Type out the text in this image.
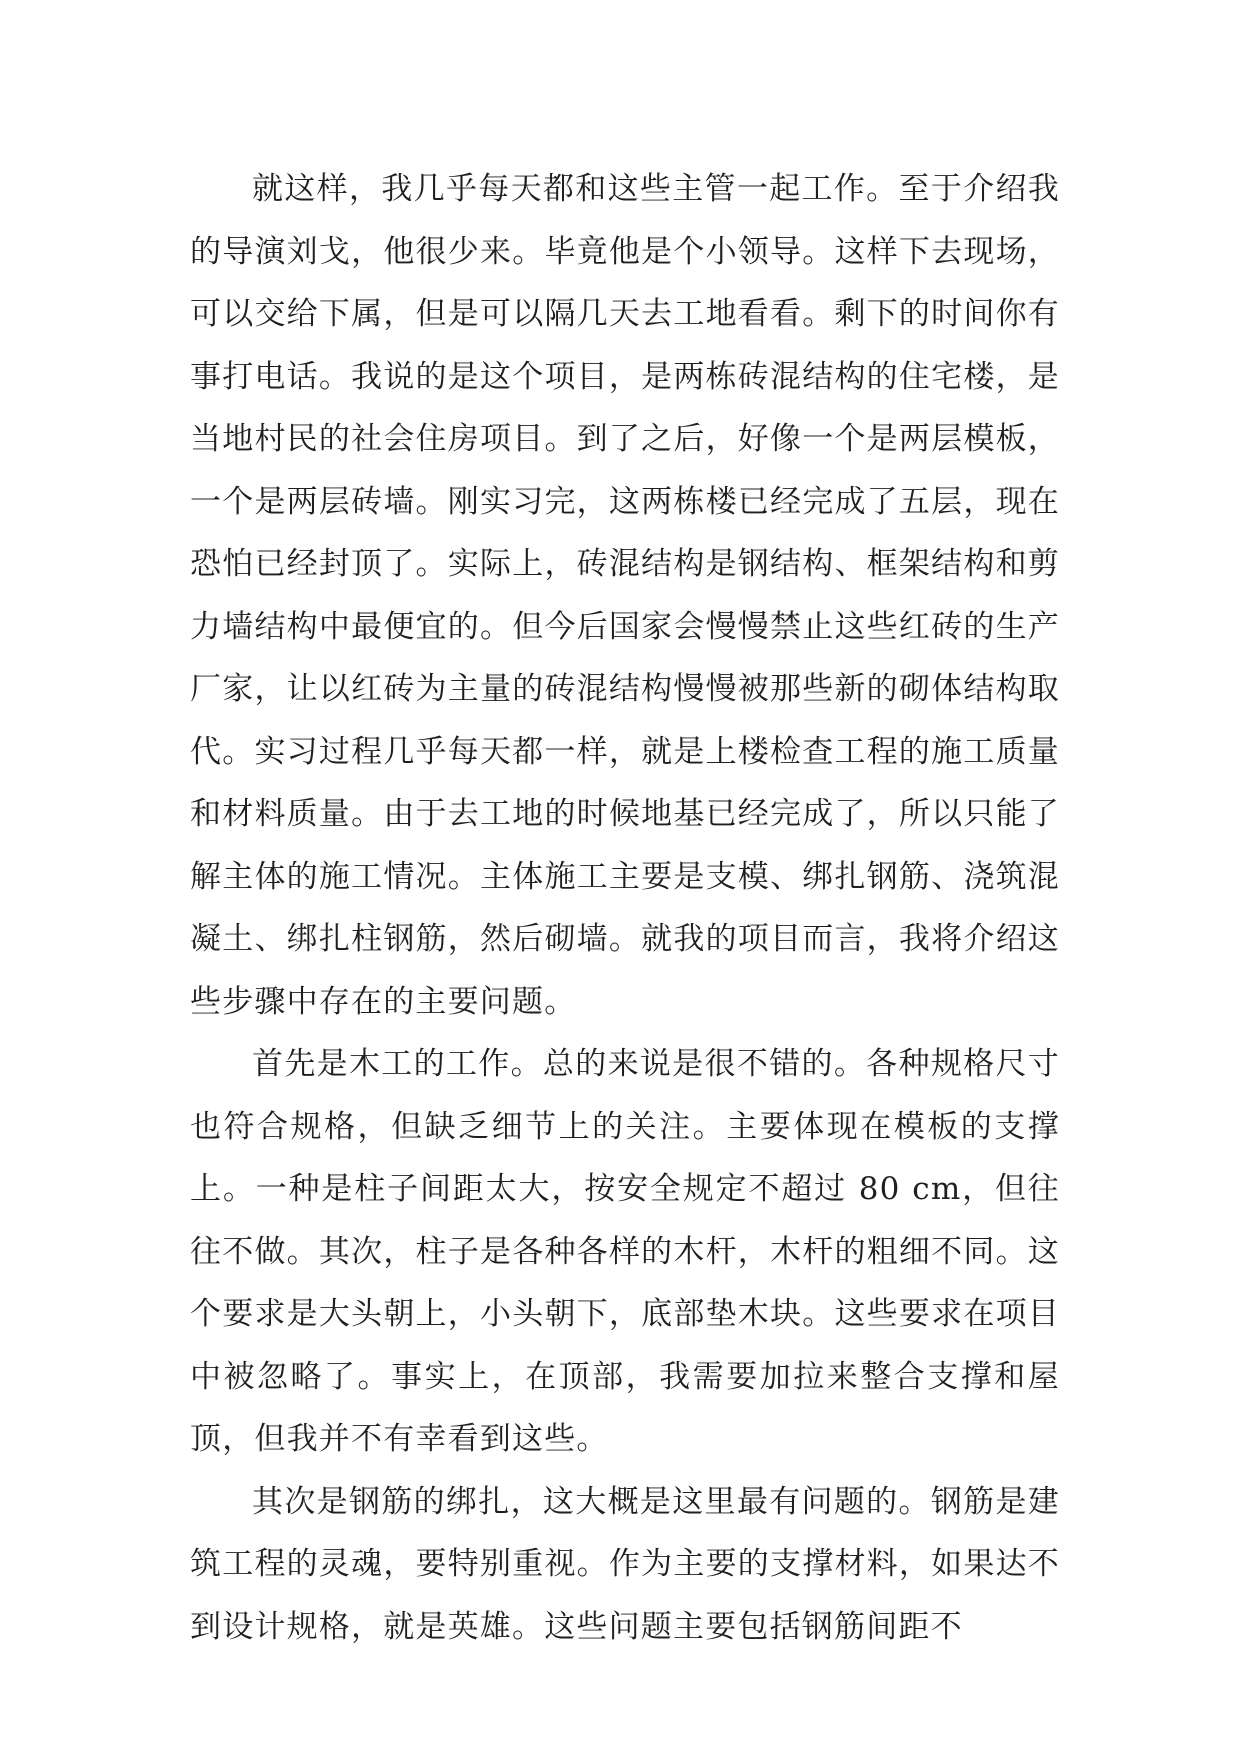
就这样，我几乎每天都和这些主管一起工作。至于介绍我的导演刘戈，他很少来。毕竟他是个小领导。这样下去现场，可以交给下属，但是可以隔几天去工地看看。剩下的时间你有事打电话。我说的是这个项目，是两栋砖混结构的住宅楼，是当地村民的社会住房项目。到了之后，好像一个是两层模板，一个是两层砖墙。刚实习完，这两栋楼已经完成了五层，现在恐怕已经封顶了。实际上，砖混结构是钢结构、框架结构和剪力墙结构中最便宜的。但今后国家会慢慢禁止这些红砖的生产厂家，让以红砖为主量的砖混结构慢慢被那些新的砌体结构取代。实习过程几乎每天都一样，就是上楼检查工程的施工质量和材料质量。由于去工地的时候地基已经完成了，所以只能了解主体的施工情况。主体施工主要是支模、绑扎钢筋、浇筑混凝土、绑扎柱钢筋，然后砌墙。就我的项目而言，我将介绍这些步骤中存在的主要问题。

首先是木工的工作。总的来说是很不错的。各种规格尺寸也符合规格，但缺乏细节上的关注。主要体现在模板的支撑上。一种是柱子间距太大，按安全规定不超过 80 cm，但往往不做。其次，柱子是各种各样的木杆，木杆的粗细不同。这个要求是大头朝上，小头朝下，底部垫木块。这些要求在项目中被忽略了。事实上，在顶部，我需要加拉来整合支撑和屋顶，但我并不有幸看到这些。

其次是钢筋的绑扎，这大概是这里最有问题的。钢筋是建筑工程的灵魂，要特别重视。作为主要的支撑材料，如果达不到设计规格，就是英雄。这些问题主要包括钢筋间距不
